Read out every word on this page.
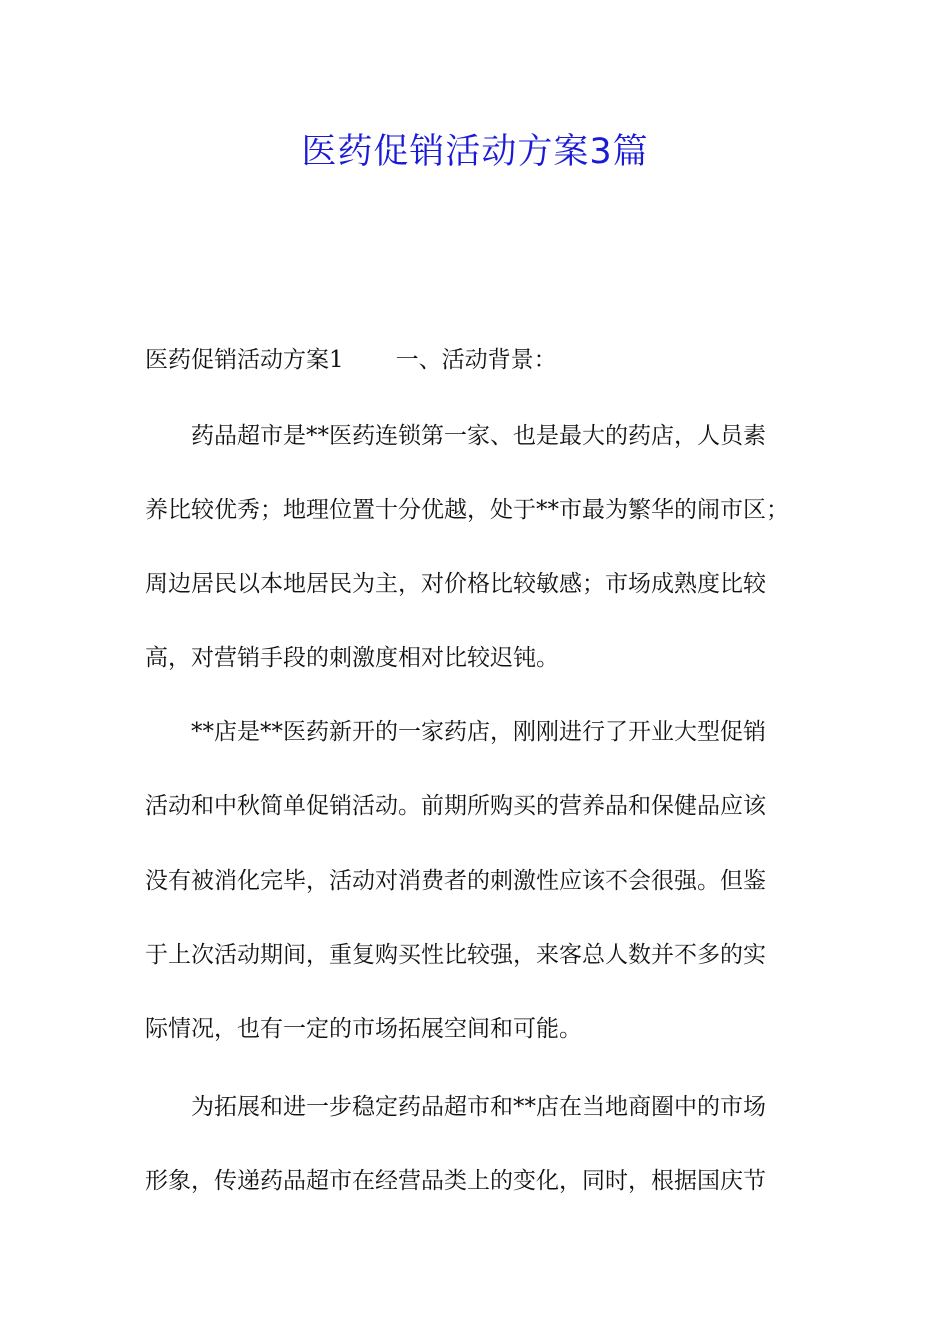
医药促销活动方案3篇
医药促销活动方案1 一、活动背景：
　　药品超市是**医药连锁第一家、也是最大的药店，人员素
养比较优秀；地理位置十分优越，处于**市最为繁华的闹市区；
周边居民以本地居民为主，对价格比较敏感；市场成熟度比较
高，对营销手段的刺激度相对比较迟钝。
　　**店是**医药新开的一家药店，刚刚进行了开业大型促销
活动和中秋简单促销活动。前期所购买的营养品和保健品应该
没有被消化完毕，活动对消费者的刺激性应该不会很强。但鉴
于上次活动期间，重复购买性比较强，来客总人数并不多的实
际情况，也有一定的市场拓展空间和可能。
　　为拓展和进一步稳定药品超市和**店在当地商圈中的市场
形象，传递药品超市在经营品类上的变化，同时，根据国庆节
